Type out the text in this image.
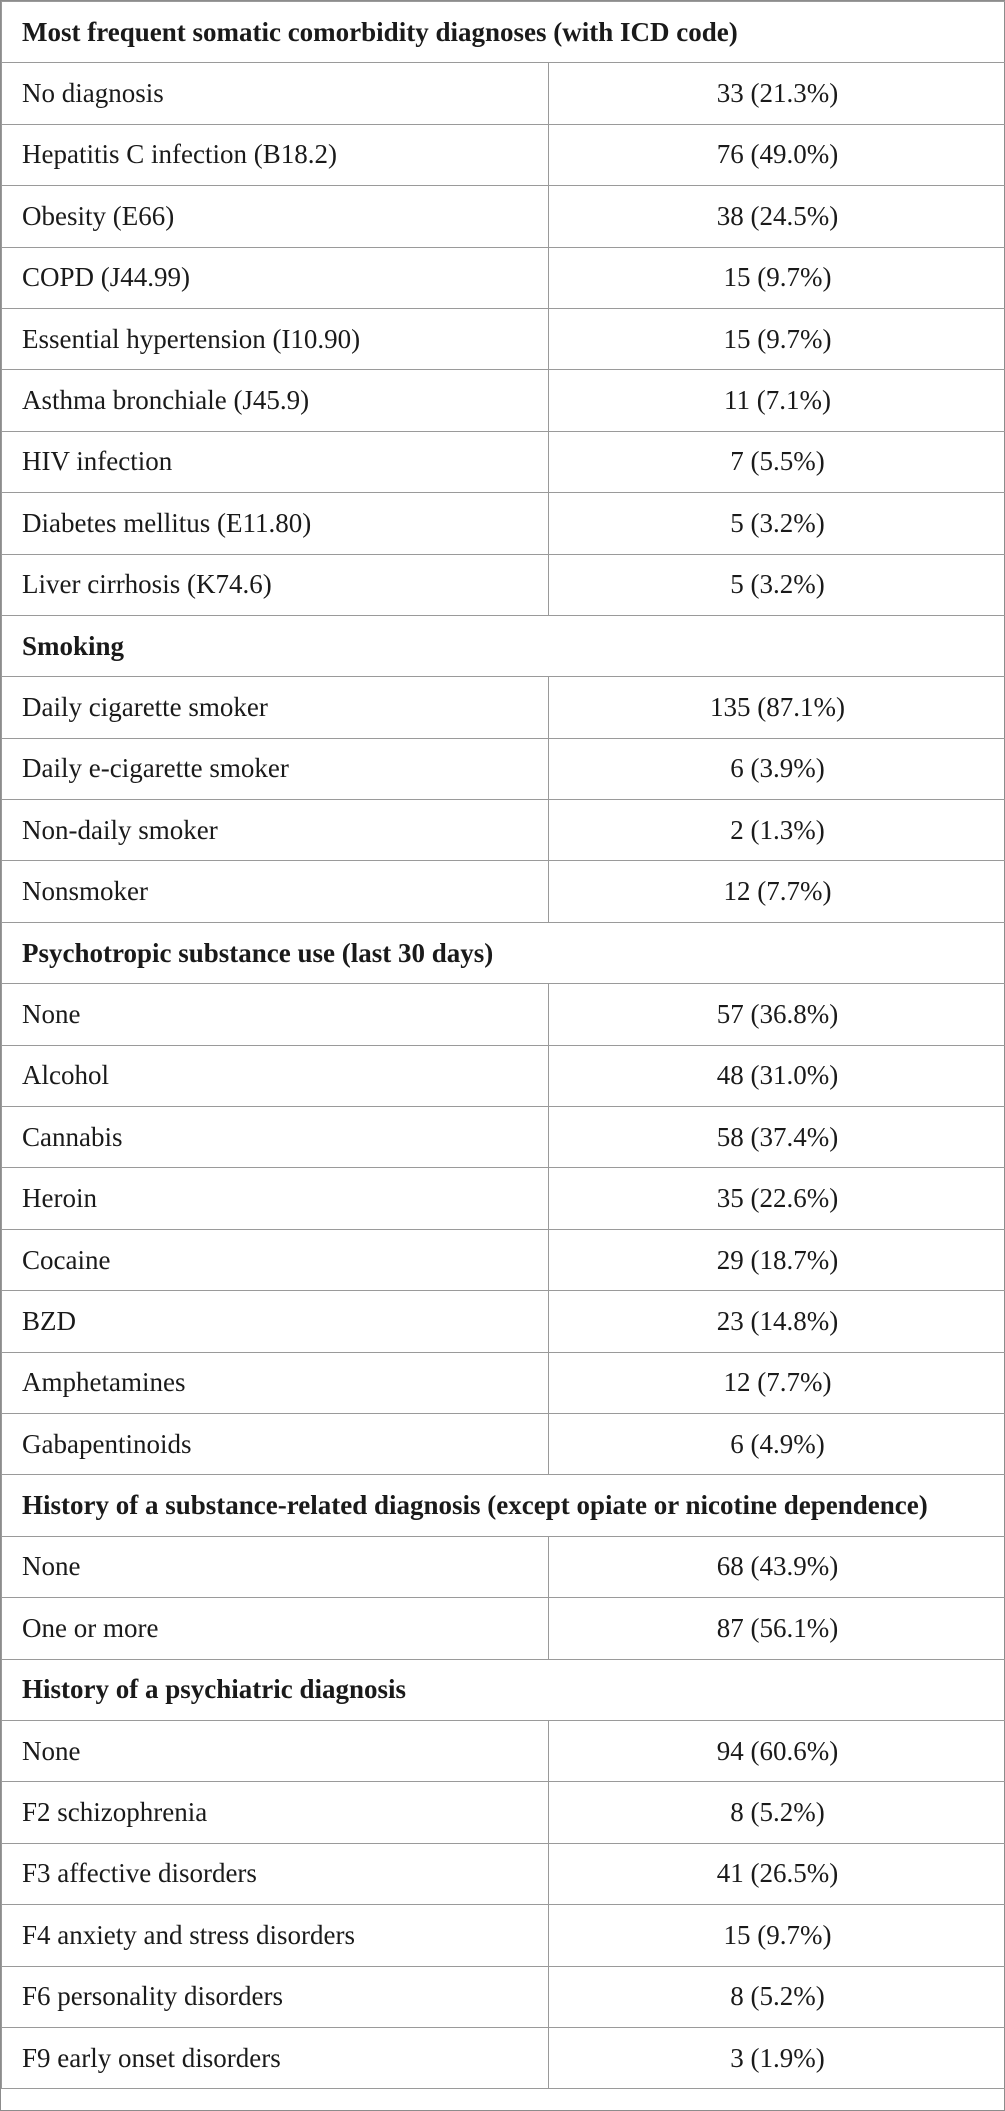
Most frequent somatic comorbidity diagnoses (with ICD code)	
No diagnosis	33 (21.3%)
Hepatitis C infection (B18.2)	76 (49.0%)
Obesity (E66)	38 (24.5%)
COPD (J44.99)	15 (9.7%)
Essential hypertension (I10.90)	15 (9.7%)
Asthma bronchiale (J45.9)	11 (7.1%)
HIV infection	7 (5.5%)
Diabetes mellitus (E11.80)	5 (3.2%)
Liver cirrhosis (K74.6)	5 (3.2%)
Smoking	
Daily cigarette smoker	135 (87.1%)
Daily e-cigarette smoker	6 (3.9%)
Non-daily smoker	2 (1.3%)
Nonsmoker	12 (7.7%)
Psychotropic substance use (last 30 days)	
None	57 (36.8%)
Alcohol	48 (31.0%)
Cannabis	58 (37.4%)
Heroin	35 (22.6%)
Cocaine	29 (18.7%)
BZD	23 (14.8%)
Amphetamines	12 (7.7%)
Gabapentinoids	6 (4.9%)
History of a substance-related diagnosis (except opiate or nicotine dependence)	
None	68 (43.9%)
One or more	87 (56.1%)
History of a psychiatric diagnosis	
None	94 (60.6%)
F2 schizophrenia	8 (5.2%)
F3 affective disorders	41 (26.5%)
F4 anxiety and stress disorders	15 (9.7%)
F6 personality disorders	8 (5.2%)
F9 early onset disorders	3 (1.9%)
